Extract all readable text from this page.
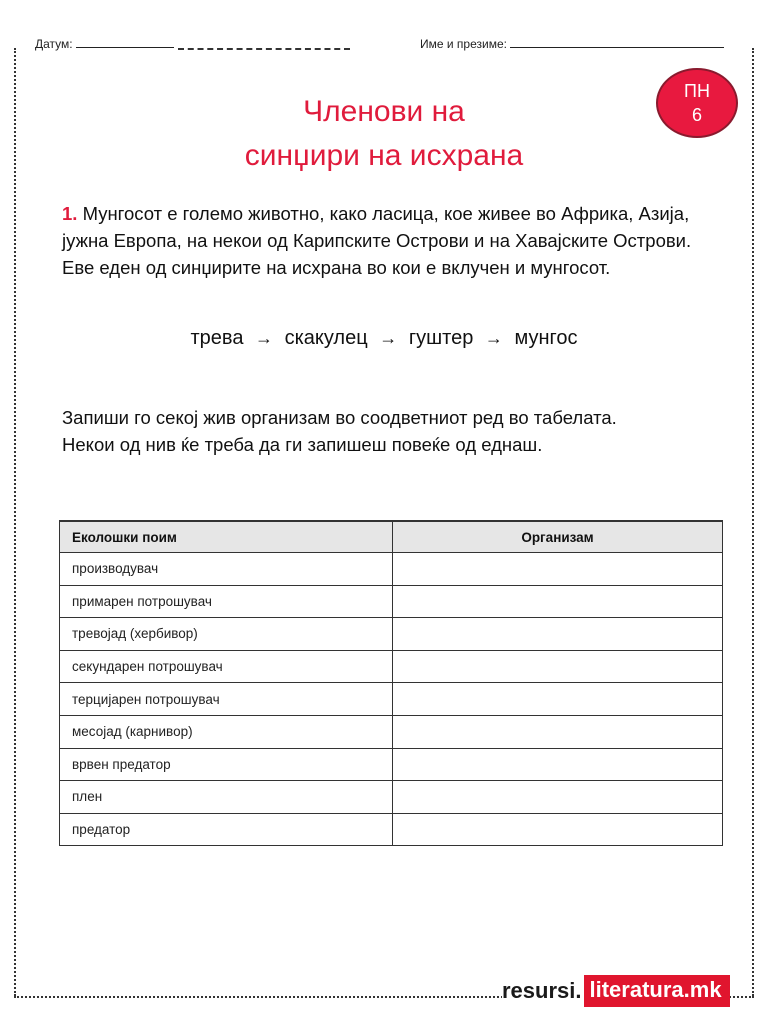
Датум:	Име и презиме:
Членови на
синџири на исхрана
ПН
6
1. Мунгосот е големо животно, како ласица, кое живее во Африка, Азија, јужна Европа, на некои од Карипските Острови и на Хавајските Острови. Еве еден од синџирите на исхрана во кои е вклучен и мунгосот.
трева → скакулец → гуштер → мунгос
Запиши го секој жив организам во соодветниот ред во табелата.
Некои од нив ќе треба да ги запишеш повеќе од еднаш.
Еколошки поим	Организам
производувач	
примарен потрошувач	
тревојад (хербивор)	
секундарен потрошувач	
терцијарен потрошувач	
месојад (карнивор)	
врвен предатор	
плен	
предатор	
resursi. literatura.mk
